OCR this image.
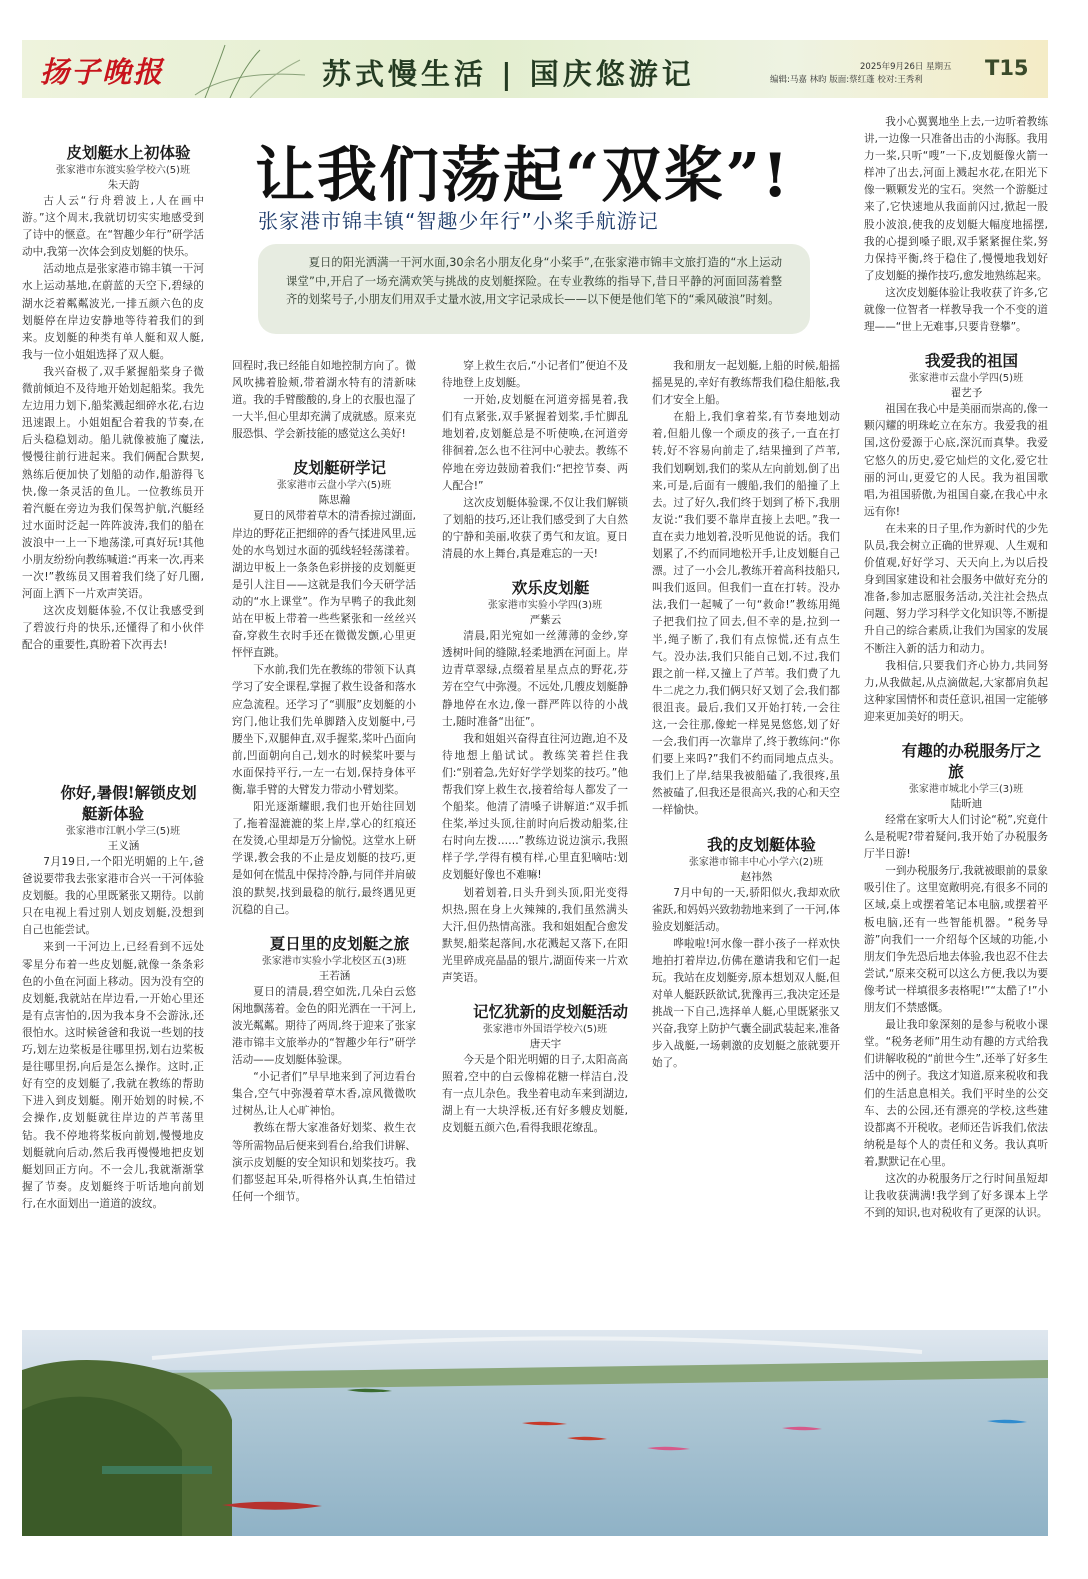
扬子晚报	苏式慢生活 | 国庆悠游记	2025年9月26日 星期五 T15
编辑:马嘉 林昀 版面:蔡红蓬 校对:王秀利
让我们荡起“双桨”!
张家港市锦丰镇“智趣少年行”小桨手航游记
夏日的阳光洒满一干河水面,30余名小朋友化身“小桨手”,在张家港市锦丰文旅打造的“水上运动课堂”中,开启了一场充满欢笑与挑战的皮划艇探险。在专业教练的指导下,昔日平静的河面回荡着整齐的划桨号子,小朋友们用双手丈量水波,用文字记录成长——以下便是他们笔下的“乘风破浪”时刻。

皮划艇水上初体验

张家港市东渡实验学校六(5)班

朱天韵

古人云“行舟碧波上,人在画中游。”这个周末,我就切切实实地感受到了诗中的惬意。在“智趣少年行”研学活动中,我第一次体会到皮划艇的快乐。

活动地点是张家港市锦丰镇一干河水上运动基地,在蔚蓝的天空下,碧绿的湖水泛着粼粼波光,一排五颜六色的皮划艇停在岸边安静地等待着我们的到来。皮划艇的种类有单人艇和双人艇,我与一位小姐姐选择了双人艇。

我兴奋极了,双手紧握船桨身子微微前倾迫不及待地开始划起船桨。我先左边用力划下,船桨溅起细碎水花,右边迅速跟上。小姐姐配合着我的节奏,在后头稳稳划动。船儿就像被施了魔法,慢慢往前行进起来。我们俩配合默契,熟练后便加快了划船的动作,船游得飞快,像一条灵活的鱼儿。一位教练员开着汽艇在旁边为我们保驾护航,汽艇经过水面时泛起一阵阵波涛,我们的船在波浪中一上一下地荡漾,可真好玩!其他小朋友纷纷向教练喊道:“再来一次,再来一次!”教练员又围着我们绕了好几圈,河面上洒下一片欢声笑语。

这次皮划艇体验,不仅让我感受到了碧波行舟的快乐,还懂得了和小伙伴配合的重要性,真盼着下次再去!

你好,暑假!解锁皮划艇新体验

张家港市江帆小学三(5)班

王义涵

7月19日,一个阳光明媚的上午,爸爸说要带我去张家港市合兴一干河体验皮划艇。我的心里既紧张又期待。以前只在电视上看过别人划皮划艇,没想到自己也能尝试。

来到一干河边上,已经看到不远处零星分布着一些皮划艇,就像一条条彩色的小鱼在河面上移动。因为没有空的皮划艇,我就站在岸边看,一开始心里还是有点害怕的,因为我本身不会游泳,还很怕水。这时候爸爸和我说一些划的技巧,划左边桨板是往哪里拐,划右边桨板是往哪里拐,向后是怎么操作。这时,正好有空的皮划艇了,我就在教练的帮助下进入到皮划艇。刚开始划的时候,不会操作,皮划艇就往岸边的芦苇荡里钻。我不停地将桨板向前划,慢慢地皮划艇就向后动,然后我再慢慢地把皮划艇划回正方向。不一会儿,我就渐渐掌握了节奏。皮划艇终于听话地向前划行,在水面划出一道道的波纹。

回程时,我已经能自如地控制方向了。微风吹拂着脸颊,带着湖水特有的清新味道。我的手臂酸酸的,身上的衣服也湿了一大半,但心里却充满了成就感。原来克服恐惧、学会新技能的感觉这么美好!

皮划艇研学记

张家港市云盘小学六(5)班

陈思瀚

夏日的风带着草木的清香掠过湖面,岸边的野花正把细碎的香气揉进风里,远处的水鸟划过水面的弧线轻轻荡漾着。湖边甲板上一条条色彩拼接的皮划艇更是引人注目——这就是我们今天研学活动的“水上课堂”。作为早鸭子的我此刻站在甲板上带着一些些紧张和一丝丝兴奋,穿救生衣时手还在微微发颤,心里更怦怦直跳。

下水前,我们先在教练的带领下认真学习了安全课程,掌握了救生设备和落水应急流程。还学习了“驯服”皮划艇的小窍门,他让我们先单脚踏入皮划艇中,弓腰坐下,双腿伸直,双手握桨,桨叶凸面向前,凹面朝向自己,划水的时候桨叶要与水面保持平行,一左一右划,保持身体平衡,靠手臂的大臂发力带动小臂划桨。

阳光逐渐耀眼,我们也开始往回划了,拖着湿漉漉的桨上岸,掌心的红痕还在发烫,心里却是万分愉悦。这堂水上研学课,教会我的不止是皮划艇的技巧,更是如何在慌乱中保持冷静,与同伴并肩破浪的默契,找到最稳的航行,最终遇见更沉稳的自己。

夏日里的皮划艇之旅

张家港市实验小学北校区五(3)班

王若涵

夏日的清晨,碧空如洗,几朵白云悠闲地飘荡着。金色的阳光洒在一干河上,波光粼粼。期待了两周,终于迎来了张家港市锦丰文旅举办的“智趣少年行”研学活动——皮划艇体验课。

“小记者们”早早地来到了河边看台集合,空气中弥漫着草木香,凉风微微吹过树丛,让人心旷神怡。

教练在帮大家准备好划桨、救生衣等所需物品后便来到看台,给我们讲解、演示皮划艇的安全知识和划桨技巧。我们都竖起耳朵,听得格外认真,生怕错过任何一个细节。

穿上救生衣后,“小记者们”便迫不及待地登上皮划艇。

一开始,皮划艇在河道旁摇晃着,我们有点紧张,双手紧握着划桨,手忙脚乱地划着,皮划艇总是不听使唤,在河道旁徘徊着,怎么也不往河中心驶去。教练不停地在旁边鼓励着我们:“把控节奏、两人配合!”

这次皮划艇体验课,不仅让我们解锁了划船的技巧,还让我们感受到了大自然的宁静和美丽,收获了勇气和友谊。夏日清晨的水上舞台,真是难忘的一天!

欢乐皮划艇

张家港市实验小学四(3)班

严紫云

清晨,阳光宛如一丝薄薄的金纱,穿透树叶间的缝隙,轻柔地洒在河面上。岸边青草翠绿,点缀着星星点点的野花,芬芳在空气中弥漫。不远处,几艘皮划艇静静地停在水边,像一群严阵以待的小战士,随时准备“出征”。

我和姐姐兴奋得直往河边跑,迫不及待地想上船试试。教练笑着拦住我们:“别着急,先好好学学划桨的技巧。”他帮我们穿上救生衣,接着给每人都发了一个船桨。他清了清嗓子讲解道:“双手抓住桨,举过头顶,往前时向后拨动船桨,往右时向左拨……”教练边说边演示,我照样子学,学得有模有样,心里直犯嘀咕:划皮划艇好像也不难嘛!

划着划着,日头升到头顶,阳光变得炽热,照在身上火辣辣的,我们虽然满头大汗,但仍热情高涨。我和姐姐配合愈发默契,船桨起落间,水花溅起又落下,在阳光里碎成亮晶晶的银片,湖面传来一片欢声笑语。

记忆犹新的皮划艇活动

张家港市外国语学校六(5)班

唐天宇

今天是个阳光明媚的日子,太阳高高照着,空中的白云像棉花糖一样洁白,没有一点儿杂色。我坐着电动车来到湖边,湖上有一大块浮板,还有好多艘皮划艇,皮划艇五颜六色,看得我眼花缭乱。

我和朋友一起划艇,上船的时候,船摇摇晃晃的,幸好有教练帮我们稳住船舷,我们才安全上船。

在船上,我们拿着桨,有节奏地划动着,但船儿像一个顽皮的孩子,一直在打转,好不容易向前走了,结果撞到了芦苇,我们划啊划,我们的桨从左向前划,倒了出来,可是,后面有一艘船,我们的船撞了上去。过了好久,我们终于划到了桥下,我朋友说:“我们要不靠岸直接上去吧。”我一直在卖力地划着,没听见他说的话。我们划累了,不约而同地松开手,让皮划艇自己漂。过了一小会儿,教练开着高科技船只,叫我们返回。但我们一直在打转。没办法,我们一起喊了一句“救命!”教练用绳子把我们拉了回去,但不幸的是,拉到一半,绳子断了,我们有点惊慌,还有点生气。没办法,我们只能自己划,不过,我们跟之前一样,又撞上了芦苇。我们费了九牛二虎之力,我们俩只好又划了会,我们都很沮丧。最后,我们又开始打转,一会往这,一会往那,像蛇一样晃晃悠悠,划了好一会,我们再一次靠岸了,终于教练问:“你们要上来吗?”我们不约而同地点点头。我们上了岸,结果我被船磕了,我很疼,虽然被磕了,但我还是很高兴,我的心和天空一样愉快。

我的皮划艇体验

张家港市锦丰中心小学六(2)班

赵祎然

7月中旬的一天,骄阳似火,我却欢欣雀跃,和妈妈兴致勃勃地来到了一干河,体验皮划艇活动。

哗啦啦!河水像一群小孩子一样欢快地拍打着岸边,仿佛在邀请我和它们一起玩。我站在皮划艇旁,原本想划双人艇,但对单人艇跃跃欲试,犹豫再三,我决定还是挑战一下自己,选择单人艇,心里既紧张又兴奋,我穿上防护气囊全副武装起来,准备步入战艇,一场刺激的皮划艇之旅就要开始了。

我小心翼翼地坐上去,一边听着教练讲,一边像一只准备出击的小海豚。我用力一桨,只听“嗖”一下,皮划艇像火箭一样冲了出去,河面上溅起水花,在阳光下像一颗颗发光的宝石。突然一个游艇过来了,它快速地从我面前闪过,掀起一股股小波浪,使我的皮划艇大幅度地摇摆,我的心提到嗓子眼,双手紧紧握住桨,努力保持平衡,终于稳住了,慢慢地我划好了皮划艇的操作技巧,愈发地熟练起来。

这次皮划艇体验让我收获了许多,它就像一位智者一样教导我一个不变的道理——“世上无难事,只要肯登攀”。

我爱我的祖国

张家港市云盘小学四(5)班

翟艺予

祖国在我心中是美丽而崇高的,像一颗闪耀的明珠屹立在东方。我爱我的祖国,这份爱源于心底,深沉而真挚。我爱它悠久的历史,爱它灿烂的文化,爱它壮丽的河山,更爱它的人民。我为祖国歌唱,为祖国骄傲,为祖国自豪,在我心中永远有你!

在未来的日子里,作为新时代的少先队员,我会树立正确的世界观、人生观和价值观,好好学习、天天向上,为以后投身到国家建设和社会服务中做好充分的准备,参加志愿服务活动,关注社会热点问题、努力学习科学文化知识等,不断提升自己的综合素质,让我们为国家的发展不断注入新的活力和动力。

我相信,只要我们齐心协力,共同努力,从我做起,从点滴做起,大家都肩负起这种家国情怀和责任意识,祖国一定能够迎来更加美好的明天。

有趣的办税服务厅之旅

张家港市城北小学三(3)班

陆昕迪

经常在家听大人们讨论“税”,究竟什么是税呢?带着疑问,我开始了办税服务厅半日游!

一到办税服务厅,我就被眼前的景象吸引住了。这里宽敞明亮,有很多不同的区域,桌上或摆着笔记本电脑,或摆着平板电脑,还有一些智能机器。“税务导游”向我们一一介绍每个区域的功能,小朋友们争先恐后地去体验,我也忍不住去尝试,“原来交税可以这么方便,我以为要像考试一样填很多表格呢!”“太酷了!”小朋友们不禁感慨。

最让我印象深刻的是参与税收小课堂。“税务老师”用生动有趣的方式给我们讲解收税的“前世今生”,还举了好多生活中的例子。我这才知道,原来税收和我们的生活息息相关。我们平时坐的公交车、去的公园,还有漂亮的学校,这些建设都离不开税收。老师还告诉我们,依法纳税是每个人的责任和义务。我认真听着,默默记在心里。

这次的办税服务厅之行时间虽短却让我收获满满!我学到了好多课本上学不到的知识,也对税收有了更深的认识。
